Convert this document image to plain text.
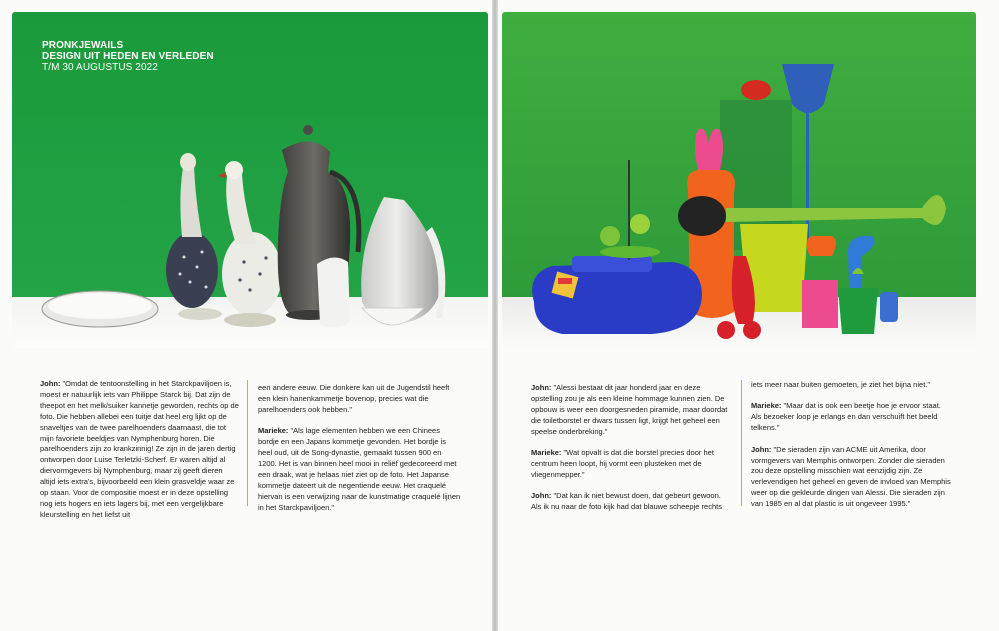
PRONKJEWAILS
DESIGN UIT HEDEN EN VERLEDEN
T/M 30 AUGUSTUS 2022

John: "Omdat de tentoonstelling in het Starckpaviljoen is, moest er natuurlijk iets van Philippe Starck bij. Dat zijn de theepot en het melk/suiker kannetje geworden, rechts op de foto. Die hebben allebei een tuitje dat heel erg lijkt op de snaveltjes van de twee parelhoenders daarnaast, die tot mijn favoriete beeldjes van Nymphenburg horen. Die parelhoenders zijn zo krankzinnig! Ze zijn in de jaren dertig ontworpen door Luise Terletzki-Scherf. Er waren altijd al diervormgevers bij Nymphenburg, maar zij geeft dieren altijd iets extra's, bijvoorbeeld een klein grasveldje waar ze op staan. Voor de compositie moest er in deze opstelling nog iets hogers en iets lagers bij, met een vergelijkbare kleurstelling en het liefst uit

een andere eeuw. Die donkere kan uit de Jugendstil heeft een klein hanenkammetje bovenop, precies wat die parelhoenders ook hebben."

Marieke: "Als lage elementen hebben we een Chinees bordje en een Japans kommetje gevonden. Het bordje is heel oud, uit de Song-dynastie, gemaakt tussen 900 en 1200. Het is van binnen heel mooi in reliëf gedecoreerd met een draak, wat je helaas niet ziet op de foto. Het Japanse kommetje dateert uit de negentiende eeuw. Het craquelé hiervan is een verwijzing naar de kunstmatige craquelé lijnen in het Starckpaviljoen."

John: "Alessi bestaat dit jaar honderd jaar en deze opstelling zou je als een kleine hommage kunnen zien. De opbouw is weer een doorgesneden piramide, maar doordat die toiletborstel er dwars tussen ligt, krijgt het geheel een speelse onderbreking."

Marieke: "Wat opvalt is dat die borstel precies door het centrum heen loopt, hij vormt een plusteken met de vliegenmepper."

John: "Dat kan ik niet bewust doen, dat gebeurt gewoon. Als ik nu naar de foto kijk had dat blauwe scheepje rechts

iets meer naar buiten gemoeten, je ziet het bijna niet."

Marieke: "Maar dat is ook een beetje hoe je ervoor staat. Als bezoeker loop je erlangs en dan verschuift het beeld telkens."

John: "De sieraden zijn van ACME uit Amerika, door vormgevers van Memphis ontworpen. Zonder die sieraden zou deze opstelling misschien wat eenzijdig zijn. Ze verlevendigen het geheel en geven de invloed van Memphis weer op die gekleurde dingen van Alessi. Die sieraden zijn van 1985 en al dat plastic is uit ongeveer 1995."
